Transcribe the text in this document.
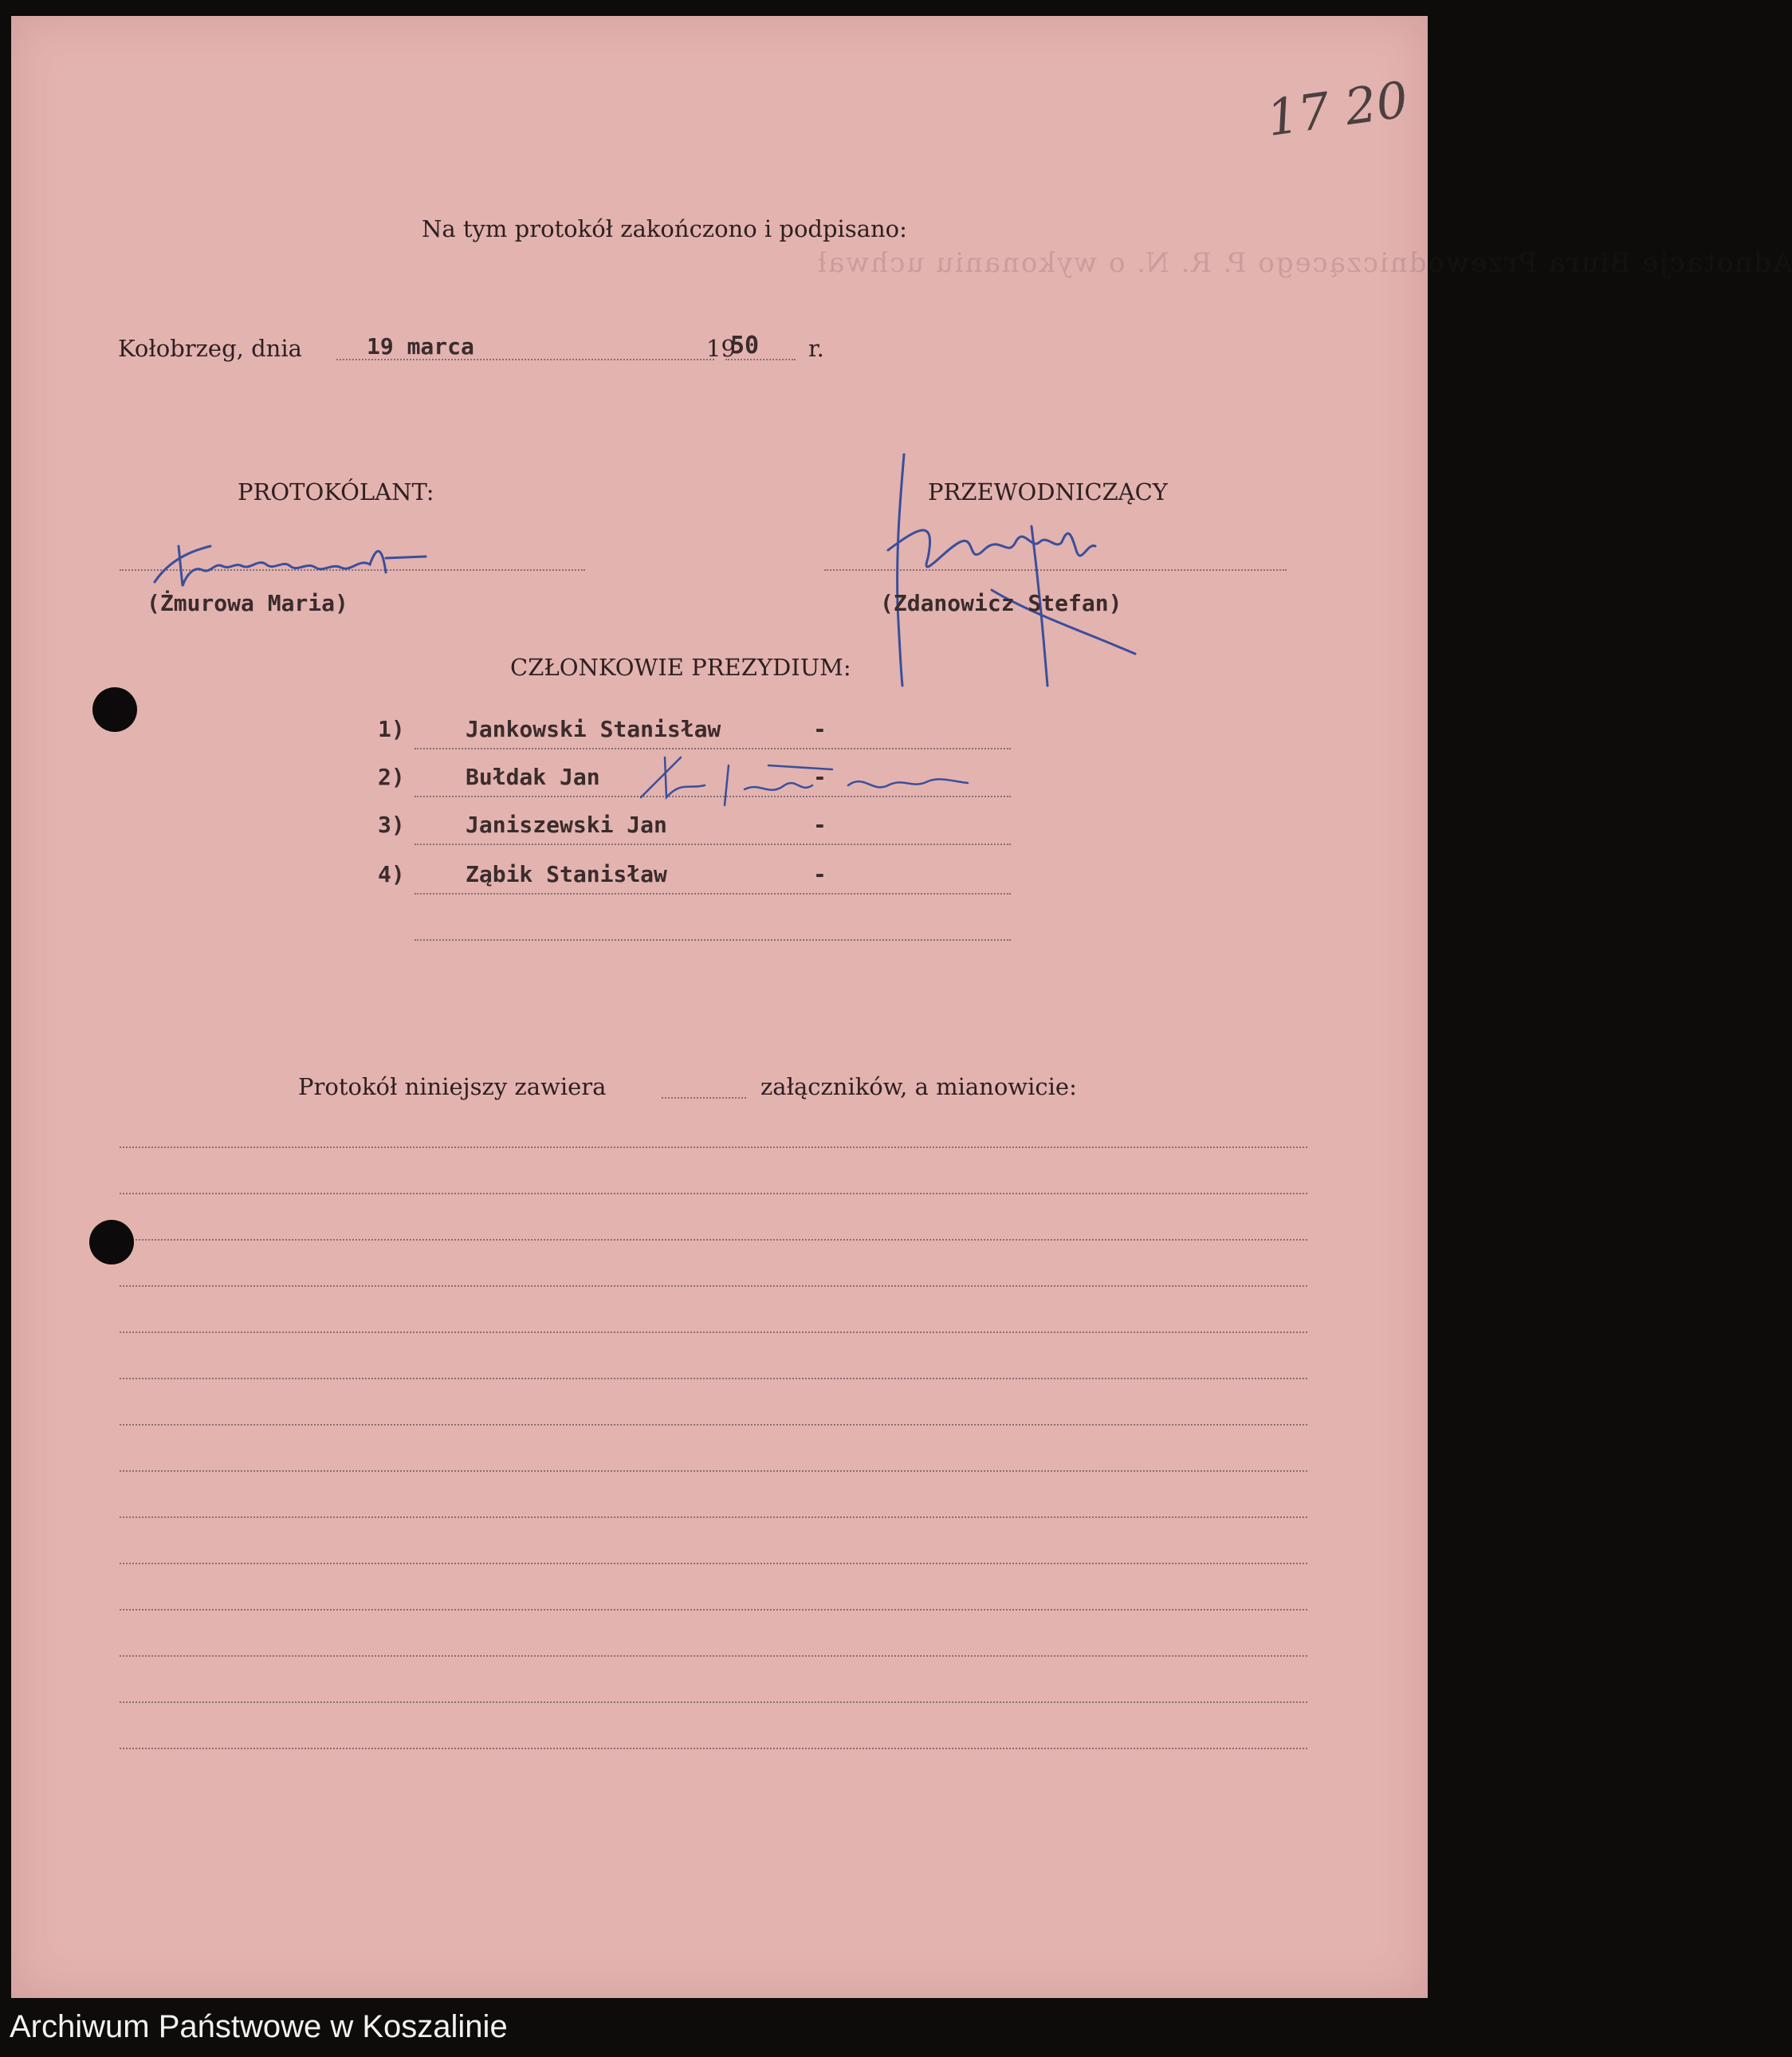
Adnotacje Biura Przewodniczącego P. R. N. o wykonaniu uchwał
17 20
Na tym protokół zakończono i podpisano:
Kołobrzeg, dnia	19 marca	19
50 r.
PROTOKÓLANT:
(Żmurowa Maria)
PRZEWODNICZĄCY
(Zdanowicz Stefan)
CZŁONKOWIE PREZYDIUM:
1)	Jankowski Stanisław	-
2)	Bułdak Jan	-
3)	Janiszewski Jan	-
4)	Ząbik Stanisław	-
Protokół niniejszy zawiera	załączników, a mianowicie:
Archiwum Państwowe w Koszalinie
